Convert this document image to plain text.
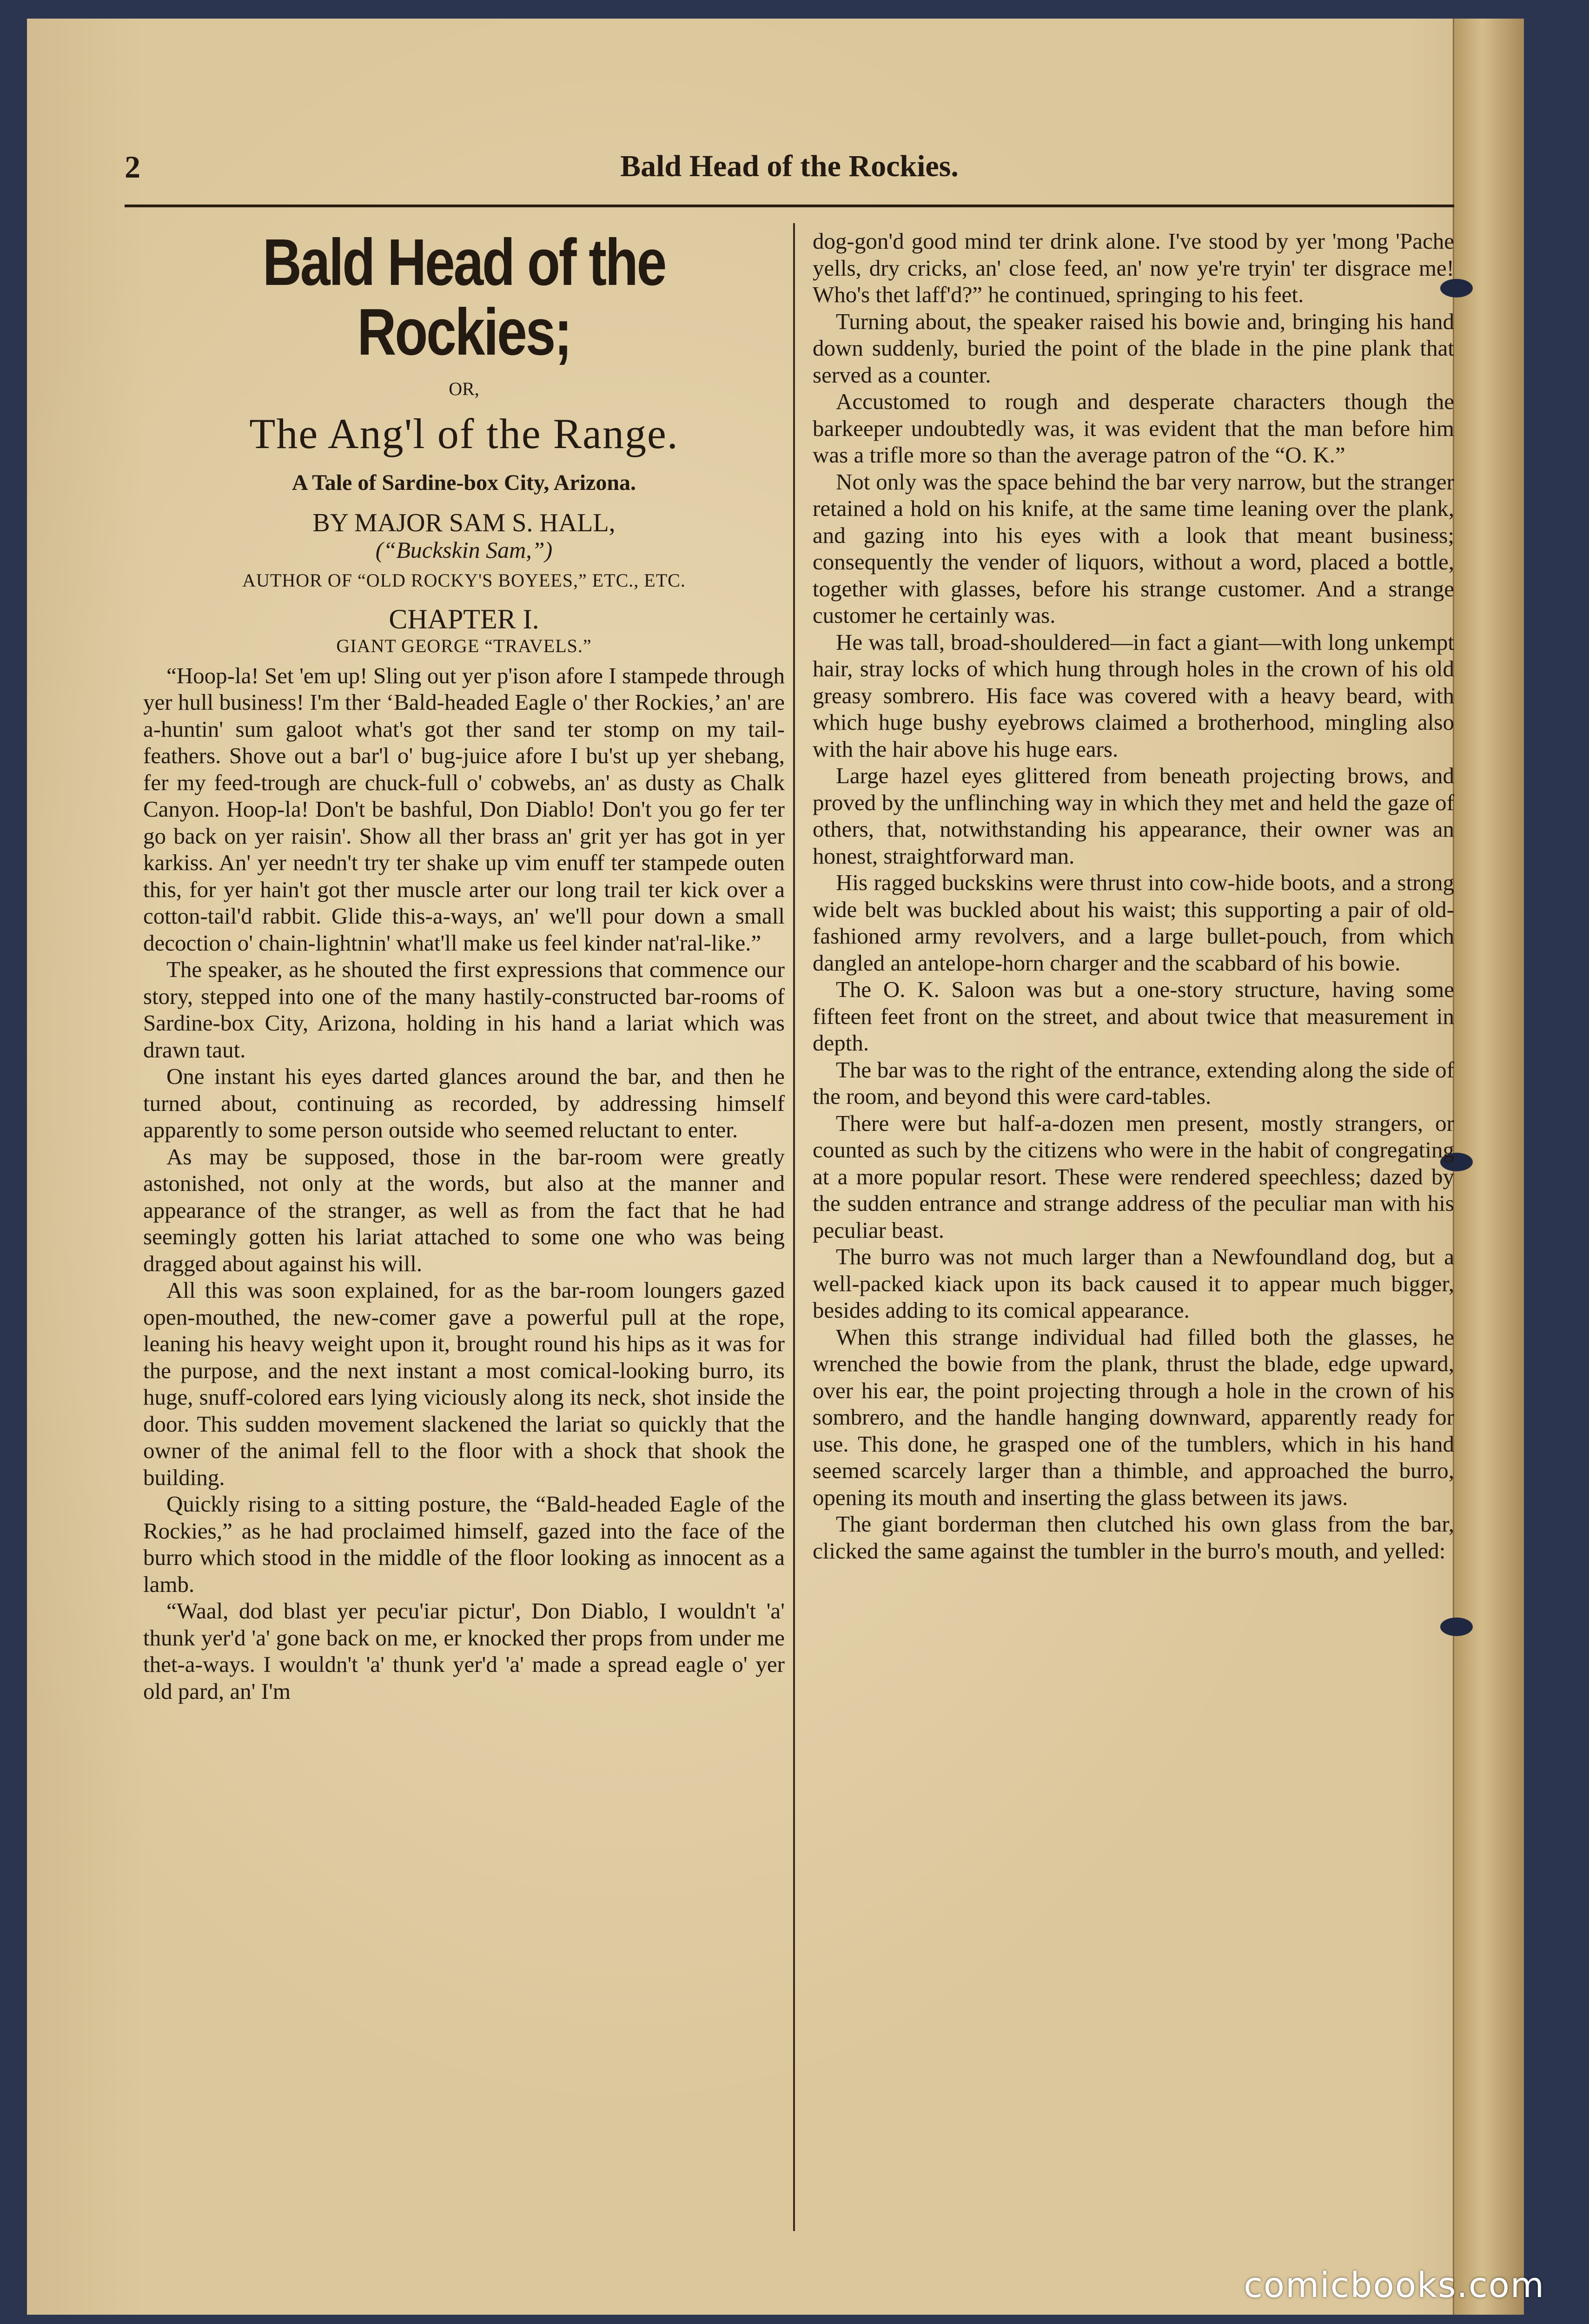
2	Bald Head of the Rockies.
Bald Head of the Rockies;
OR,
The Ang'l of the Range.
A Tale of Sardine-box City, Arizona.
BY MAJOR SAM S. HALL,
(“Buckskin Sam,”)
AUTHOR OF “OLD ROCKY'S BOYEES,” ETC., ETC.
CHAPTER I.
GIANT GEORGE “TRAVELS.”

“Hoop-la! Set 'em up! Sling out yer p'ison afore I stampede through yer hull business! I'm ther ‘Bald-headed Eagle o' ther Rockies,’ an' are a-huntin' sum galoot what's got ther sand ter stomp on my tail-feathers. Shove out a bar'l o' bug-juice afore I bu'st up yer shebang, fer my feed-trough are chuck-full o' cobwebs, an' as dusty as Chalk Canyon. Hoop-la! Don't be bashful, Don Diablo! Don't you go fer ter go back on yer raisin'. Show all ther brass an' grit yer has got in yer karkiss. An' yer needn't try ter shake up vim enuff ter stampede outen this, for yer hain't got ther muscle arter our long trail ter kick over a cotton-tail'd rabbit. Glide this-a-ways, an' we'll pour down a small decoction o' chain-lightnin' what'll make us feel kinder nat'ral-like.”

The speaker, as he shouted the first expressions that commence our story, stepped into one of the many hastily-constructed bar-rooms of Sardine-box City, Arizona, holding in his hand a lariat which was drawn taut.

One instant his eyes darted glances around the bar, and then he turned about, continuing as recorded, by addressing himself apparently to some person outside who seemed reluctant to enter.

As may be supposed, those in the bar-room were greatly astonished, not only at the words, but also at the manner and appearance of the stranger, as well as from the fact that he had seemingly gotten his lariat attached to some one who was being dragged about against his will.

All this was soon explained, for as the bar-room loungers gazed open-mouthed, the new-comer gave a powerful pull at the rope, leaning his heavy weight upon it, brought round his hips as it was for the purpose, and the next instant a most comical-looking burro, its huge, snuff-colored ears lying viciously along its neck, shot inside the door. This sudden movement slackened the lariat so quickly that the owner of the animal fell to the floor with a shock that shook the building.

Quickly rising to a sitting posture, the “Bald-headed Eagle of the Rockies,” as he had proclaimed himself, gazed into the face of the burro which stood in the middle of the floor looking as innocent as a lamb.

“Waal, dod blast yer pecu'iar pictur', Don Diablo, I wouldn't 'a' thunk yer'd 'a' gone back on me, er knocked ther props from under me thet-a-ways. I wouldn't 'a' thunk yer'd 'a' made a spread eagle o' yer old pard, an' I'm

dog-gon'd good mind ter drink alone. I've stood by yer 'mong 'Pache yells, dry cricks, an' close feed, an' now ye're tryin' ter disgrace me! Who's thet laff'd?” he continued, springing to his feet.

Turning about, the speaker raised his bowie and, bringing his hand down suddenly, buried the point of the blade in the pine plank that served as a counter.

Accustomed to rough and desperate characters though the barkeeper undoubtedly was, it was evident that the man before him was a trifle more so than the average patron of the “O. K.”

Not only was the space behind the bar very narrow, but the stranger retained a hold on his knife, at the same time leaning over the plank, and gazing into his eyes with a look that meant business; consequently the vender of liquors, without a word, placed a bottle, together with glasses, before his strange customer. And a strange customer he certainly was.

He was tall, broad-shouldered—in fact a giant—with long unkempt hair, stray locks of which hung through holes in the crown of his old greasy sombrero. His face was covered with a heavy beard, with which huge bushy eyebrows claimed a brotherhood, mingling also with the hair above his huge ears.

Large hazel eyes glittered from beneath projecting brows, and proved by the unflinching way in which they met and held the gaze of others, that, notwithstanding his appearance, their owner was an honest, straightforward man.

His ragged buckskins were thrust into cow-hide boots, and a strong wide belt was buckled about his waist; this supporting a pair of old-fashioned army revolvers, and a large bullet-pouch, from which dangled an antelope-horn charger and the scabbard of his bowie.

The O. K. Saloon was but a one-story structure, having some fifteen feet front on the street, and about twice that measurement in depth.

The bar was to the right of the entrance, extending along the side of the room, and beyond this were card-tables.

There were but half-a-dozen men present, mostly strangers, or counted as such by the citizens who were in the habit of congregating at a more popular resort. These were rendered speechless; dazed by the sudden entrance and strange address of the peculiar man with his peculiar beast.

The burro was not much larger than a Newfoundland dog, but a well-packed kiack upon its back caused it to appear much bigger, besides adding to its comical appearance.

When this strange individual had filled both the glasses, he wrenched the bowie from the plank, thrust the blade, edge upward, over his ear, the point projecting through a hole in the crown of his sombrero, and the handle hanging downward, apparently ready for use. This done, he grasped one of the tumblers, which in his hand seemed scarcely larger than a thimble, and approached the burro, opening its mouth and inserting the glass between its jaws.

The giant borderman then clutched his own glass from the bar, clicked the same against the tumbler in the burro's mouth, and yelled:

comicbooks.com
